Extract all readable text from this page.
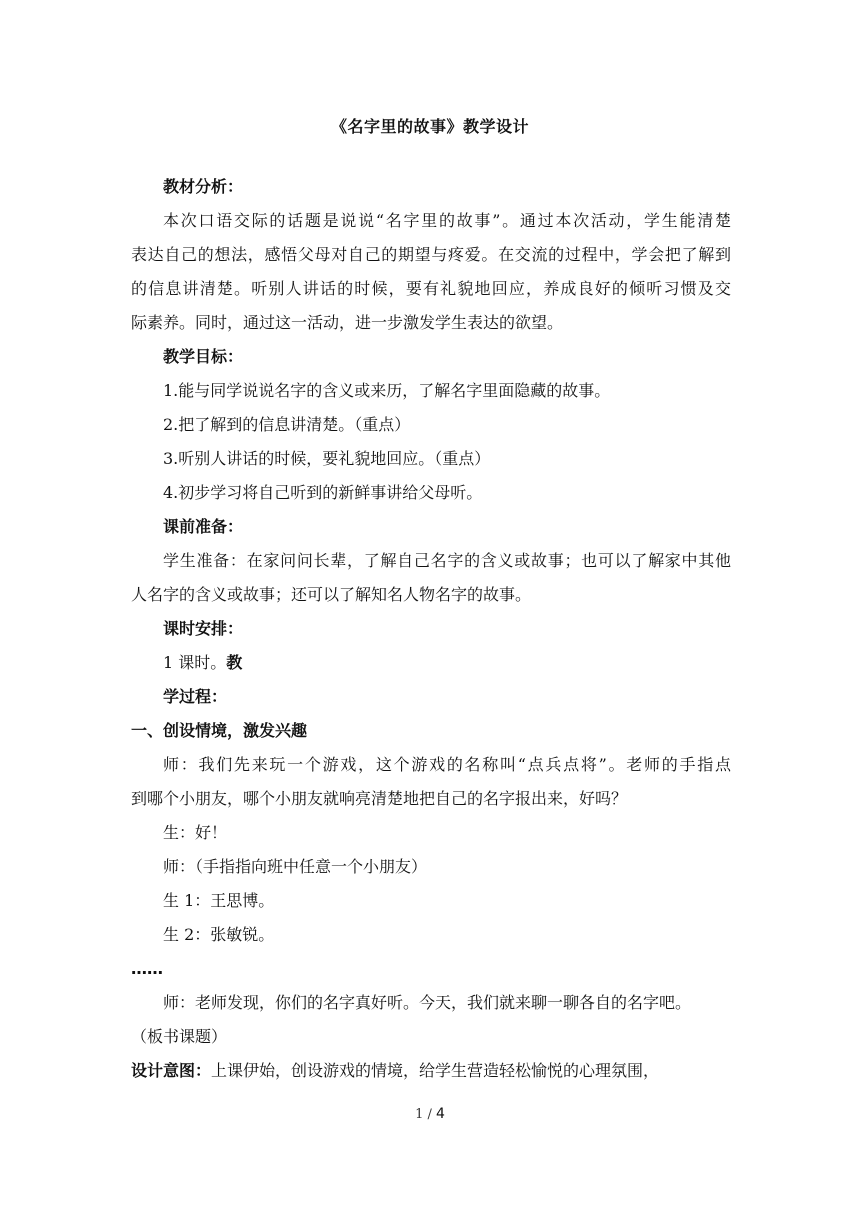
《名字里的故事》教学设计
教材分析：
本次口语交际的话题是说说“名字里的故事”。通过本次活动，学生能清楚
表达自己的想法，感悟父母对自己的期望与疼爱。在交流的过程中，学会把了解到
的信息讲清楚。听别人讲话的时候，要有礼貌地回应，养成良好的倾听习惯及交
际素养。同时，通过这一活动，进一步激发学生表达的欲望。
教学目标：
1.能与同学说说名字的含义或来历，了解名字里面隐藏的故事。
2.把了解到的信息讲清楚。（重点）
3.听别人讲话的时候，要礼貌地回应。（重点）
4.初步学习将自己听到的新鲜事讲给父母听。
课前准备：
学生准备：在家问问长辈，了解自己名字的含义或故事；也可以了解家中其他
人名字的含义或故事；还可以了解知名人物名字的故事。
课时安排：
1 课时。教
学过程：
一、创设情境，激发兴趣
师：我们先来玩一个游戏，这个游戏的名称叫“点兵点将”。老师的手指点
到哪个小朋友，哪个小朋友就响亮清楚地把自己的名字报出来，好吗？
生：好！
师：（手指指向班中任意一个小朋友）
生 1：王思博。
生 2：张敏锐。
……
师：老师发现，你们的名字真好听。今天，我们就来聊一聊各自的名字吧。
（板书课题）
设计意图：上课伊始，创设游戏的情境，给学生营造轻松愉悦的心理氛围，
1 / 4
